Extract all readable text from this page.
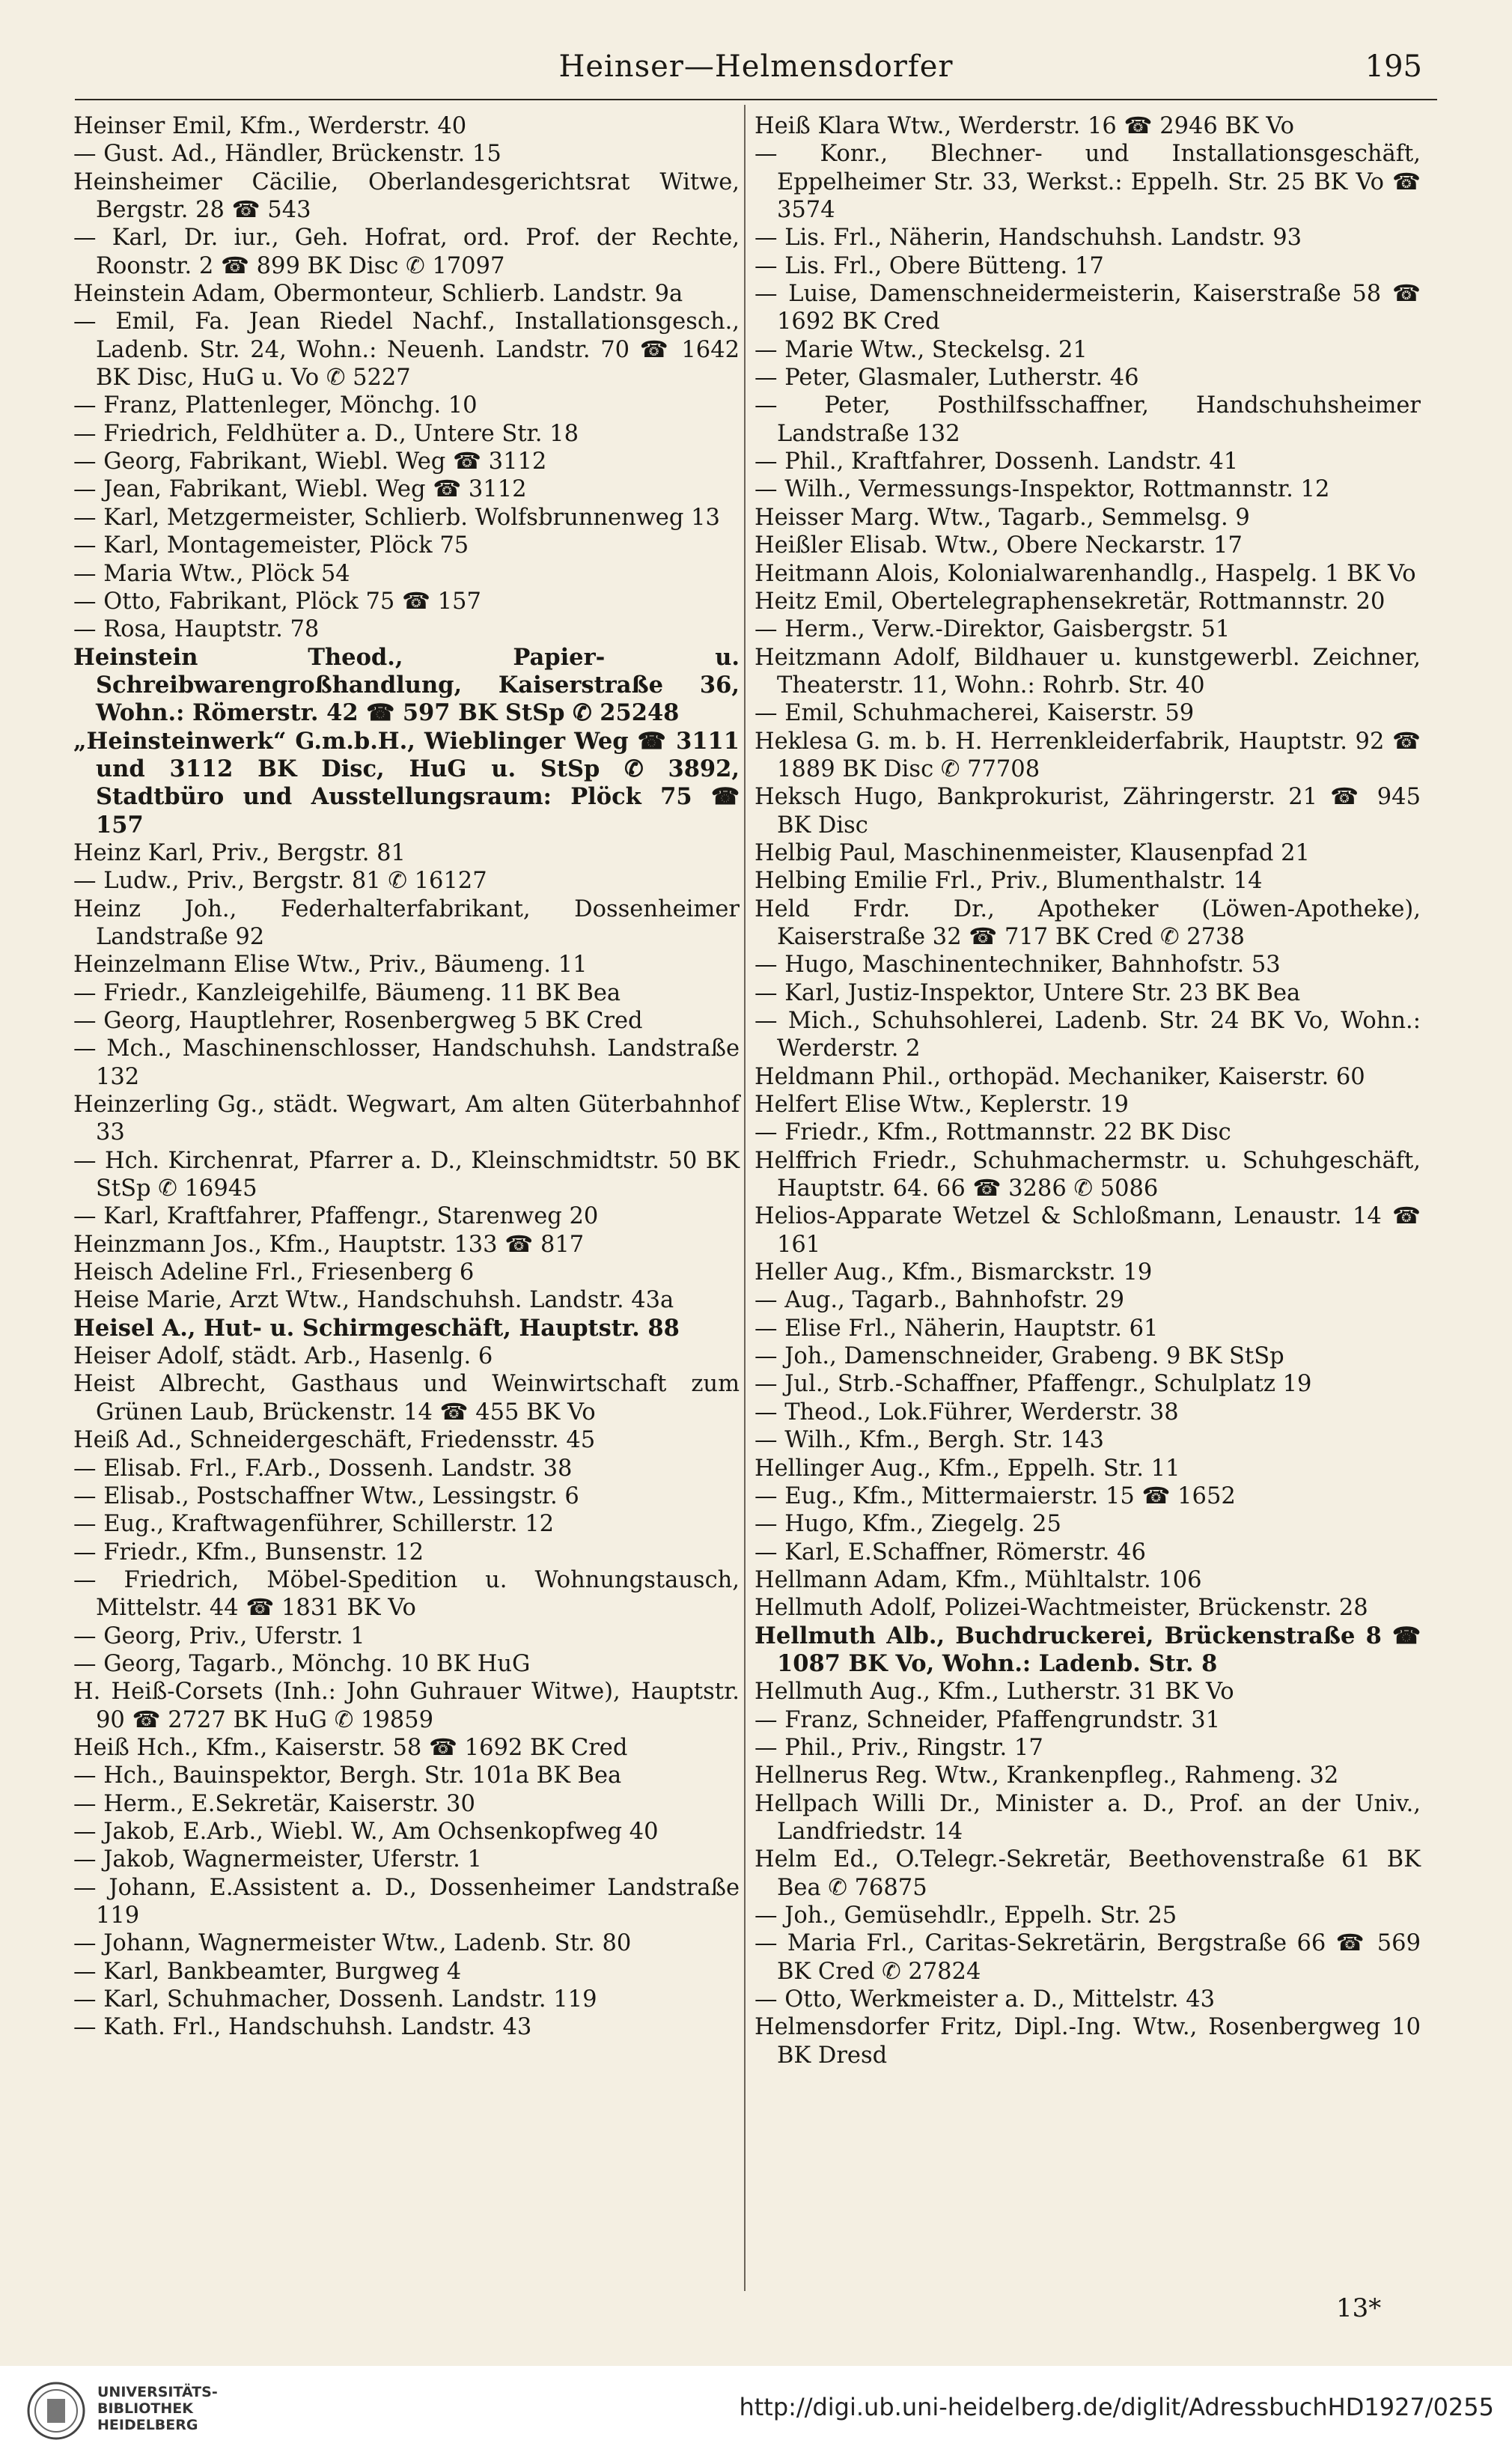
Heinser—Helmensdorfer	195

Heinser Emil, Kfm., Werderstr. 40

— Gust. Ad., Händler, Brückenstr. 15

Heinsheimer Cäcilie, Oberlandesgerichtsrat Witwe, Bergstr. 28 ☎ 543

— Karl, Dr. iur., Geh. Hofrat, ord. Prof. der Rechte, Roonstr. 2 ☎ 899 BK Disc ✆ 17097

Heinstein Adam, Obermonteur, Schlierb. Landstr. 9a

— Emil, Fa. Jean Riedel Nachf., Installationsgesch., Ladenb. Str. 24, Wohn.: Neuenh. Landstr. 70 ☎ 1642 BK Disc, HuG u. Vo ✆ 5227

— Franz, Plattenleger, Mönchg. 10

— Friedrich, Feldhüter a. D., Untere Str. 18

— Georg, Fabrikant, Wiebl. Weg ☎ 3112

— Jean, Fabrikant, Wiebl. Weg ☎ 3112

— Karl, Metzgermeister, Schlierb. Wolfsbrunnenweg 13

— Karl, Montagemeister, Plöck 75

— Maria Wtw., Plöck 54

— Otto, Fabrikant, Plöck 75 ☎ 157

— Rosa, Hauptstr. 78

Heinstein Theod., Papier- u. Schreibwarengroßhandlung, Kaiserstraße 36, Wohn.: Römerstr. 42 ☎ 597 BK StSp ✆ 25248

„Heinsteinwerk“ G.m.b.H., Wieblinger Weg ☎ 3111 und 3112 BK Disc, HuG u. StSp ✆ 3892, Stadtbüro und Ausstellungsraum: Plöck 75 ☎ 157

Heinz Karl, Priv., Bergstr. 81

— Ludw., Priv., Bergstr. 81 ✆ 16127

Heinz Joh., Federhalterfabrikant, Dossenheimer Landstraße 92

Heinzelmann Elise Wtw., Priv., Bäumeng. 11

— Friedr., Kanzleigehilfe, Bäumeng. 11 BK Bea

— Georg, Hauptlehrer, Rosenbergweg 5 BK Cred

— Mch., Maschinenschlosser, Handschuhsh. Landstraße 132

Heinzerling Gg., städt. Wegwart, Am alten Güterbahnhof 33

— Hch. Kirchenrat, Pfarrer a. D., Kleinschmidtstr. 50 BK StSp ✆ 16945

— Karl, Kraftfahrer, Pfaffengr., Starenweg 20

Heinzmann Jos., Kfm., Hauptstr. 133 ☎ 817

Heisch Adeline Frl., Friesenberg 6

Heise Marie, Arzt Wtw., Handschuhsh. Landstr. 43a

Heisel A., Hut- u. Schirmgeschäft, Hauptstr. 88

Heiser Adolf, städt. Arb., Hasenlg. 6

Heist Albrecht, Gasthaus und Weinwirtschaft zum Grünen Laub, Brückenstr. 14 ☎ 455 BK Vo

Heiß Ad., Schneidergeschäft, Friedensstr. 45

— Elisab. Frl., F.Arb., Dossenh. Landstr. 38

— Elisab., Postschaffner Wtw., Lessingstr. 6

— Eug., Kraftwagenführer, Schillerstr. 12

— Friedr., Kfm., Bunsenstr. 12

— Friedrich, Möbel-Spedition u. Wohnungstausch, Mittelstr. 44 ☎ 1831 BK Vo

— Georg, Priv., Uferstr. 1

— Georg, Tagarb., Mönchg. 10 BK HuG

H. Heiß-Corsets (Inh.: John Guhrauer Witwe), Hauptstr. 90 ☎ 2727 BK HuG ✆ 19859

Heiß Hch., Kfm., Kaiserstr. 58 ☎ 1692 BK Cred

— Hch., Bauinspektor, Bergh. Str. 101a BK Bea

— Herm., E.Sekretär, Kaiserstr. 30

— Jakob, E.Arb., Wiebl. W., Am Ochsenkopfweg 40

— Jakob, Wagnermeister, Uferstr. 1

— Johann, E.Assistent a. D., Dossenheimer Landstraße 119

— Johann, Wagnermeister Wtw., Ladenb. Str. 80

— Karl, Bankbeamter, Burgweg 4

— Karl, Schuhmacher, Dossenh. Landstr. 119

— Kath. Frl., Handschuhsh. Landstr. 43

Heiß Klara Wtw., Werderstr. 16 ☎ 2946 BK Vo

— Konr., Blechner- und Installationsgeschäft, Eppelheimer Str. 33, Werkst.: Eppelh. Str. 25 BK Vo ☎ 3574

— Lis. Frl., Näherin, Handschuhsh. Landstr. 93

— Lis. Frl., Obere Bütteng. 17

— Luise, Damenschneidermeisterin, Kaiserstraße 58 ☎ 1692 BK Cred

— Marie Wtw., Steckelsg. 21

— Peter, Glasmaler, Lutherstr. 46

— Peter, Posthilfsschaffner, Handschuhsheimer Landstraße 132

— Phil., Kraftfahrer, Dossenh. Landstr. 41

— Wilh., Vermessungs-Inspektor, Rottmannstr. 12

Heisser Marg. Wtw., Tagarb., Semmelsg. 9

Heißler Elisab. Wtw., Obere Neckarstr. 17

Heitmann Alois, Kolonialwarenhandlg., Haspelg. 1 BK Vo

Heitz Emil, Obertelegraphensekretär, Rottmannstr. 20

— Herm., Verw.-Direktor, Gaisbergstr. 51

Heitzmann Adolf, Bildhauer u. kunstgewerbl. Zeichner, Theaterstr. 11, Wohn.: Rohrb. Str. 40

— Emil, Schuhmacherei, Kaiserstr. 59

Heklesa G. m. b. H. Herrenkleiderfabrik, Hauptstr. 92 ☎ 1889 BK Disc ✆ 77708

Heksch Hugo, Bankprokurist, Zähringerstr. 21 ☎ 945 BK Disc

Helbig Paul, Maschinenmeister, Klausenpfad 21

Helbing Emilie Frl., Priv., Blumenthalstr. 14

Held Frdr. Dr., Apotheker (Löwen-Apotheke), Kaiserstraße 32 ☎ 717 BK Cred ✆ 2738

— Hugo, Maschinentechniker, Bahnhofstr. 53

— Karl, Justiz-Inspektor, Untere Str. 23 BK Bea

— Mich., Schuhsohlerei, Ladenb. Str. 24 BK Vo, Wohn.: Werderstr. 2

Heldmann Phil., orthopäd. Mechaniker, Kaiserstr. 60

Helfert Elise Wtw., Keplerstr. 19

— Friedr., Kfm., Rottmannstr. 22 BK Disc

Helffrich Friedr., Schuhmachermstr. u. Schuhgeschäft, Hauptstr. 64. 66 ☎ 3286 ✆ 5086

Helios-Apparate Wetzel & Schloßmann, Lenaustr. 14 ☎ 161

Heller Aug., Kfm., Bismarckstr. 19

— Aug., Tagarb., Bahnhofstr. 29

— Elise Frl., Näherin, Hauptstr. 61

— Joh., Damenschneider, Grabeng. 9 BK StSp

— Jul., Strb.-Schaffner, Pfaffengr., Schulplatz 19

— Theod., Lok.Führer, Werderstr. 38

— Wilh., Kfm., Bergh. Str. 143

Hellinger Aug., Kfm., Eppelh. Str. 11

— Eug., Kfm., Mittermaierstr. 15 ☎ 1652

— Hugo, Kfm., Ziegelg. 25

— Karl, E.Schaffner, Römerstr. 46

Hellmann Adam, Kfm., Mühltalstr. 106

Hellmuth Adolf, Polizei-Wachtmeister, Brückenstr. 28

Hellmuth Alb., Buchdruckerei, Brückenstraße 8 ☎ 1087 BK Vo, Wohn.: Ladenb. Str. 8

Hellmuth Aug., Kfm., Lutherstr. 31 BK Vo

— Franz, Schneider, Pfaffengrundstr. 31

— Phil., Priv., Ringstr. 17

Hellnerus Reg. Wtw., Krankenpfleg., Rahmeng. 32

Hellpach Willi Dr., Minister a. D., Prof. an der Univ., Landfriedstr. 14

Helm Ed., O.Telegr.-Sekretär, Beethovenstraße 61 BK Bea ✆ 76875

— Joh., Gemüsehdlr., Eppelh. Str. 25

— Maria Frl., Caritas-Sekretärin, Bergstraße 66 ☎ 569 BK Cred ✆ 27824

— Otto, Werkmeister a. D., Mittelstr. 43

Helmensdorfer Fritz, Dipl.-Ing. Wtw., Rosenbergweg 10 BK Dresd

13*
UNIVERSITÄTS-
BIBLIOTHEK
HEIDELBERG
http://digi.ub.uni-heidelberg.de/diglit/AdressbuchHD1927/0255
